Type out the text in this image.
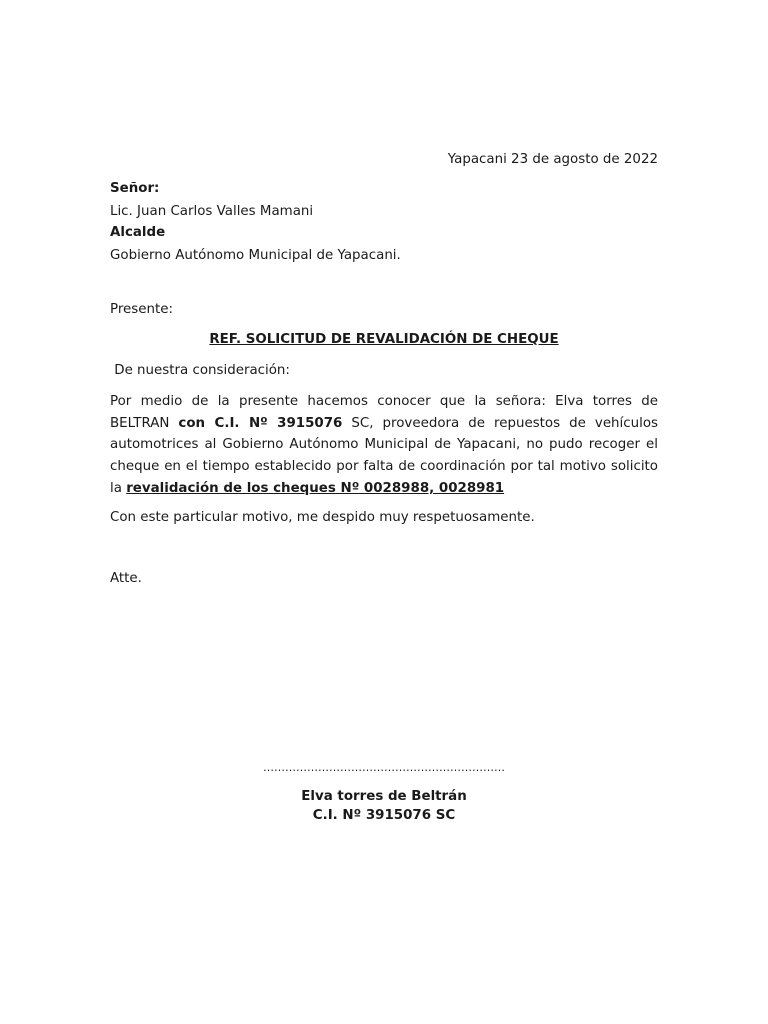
Yapacani 23 de agosto de 2022
Señor:
Lic. Juan Carlos Valles Mamani
Alcalde
Gobierno Autónomo Municipal de Yapacani.
Presente:
REF. SOLICITUD DE REVALIDACIÓN DE CHEQUE
De nuestra consideración:
Por medio de la presente hacemos conocer que la señora: Elva torres de BELTRAN con C.I. Nº 3915076 SC, proveedora de repuestos de vehículos automotrices al Gobierno Autónomo Municipal de Yapacani, no pudo recoger el cheque en el tiempo establecido por falta de coordinación por tal motivo solicito la revalidación de los cheques Nº 0028988, 0028981
Con este particular motivo, me despido muy respetuosamente.
Atte.
…………………………………………………………
Elva torres de Beltrán
C.I. Nº 3915076 SC
